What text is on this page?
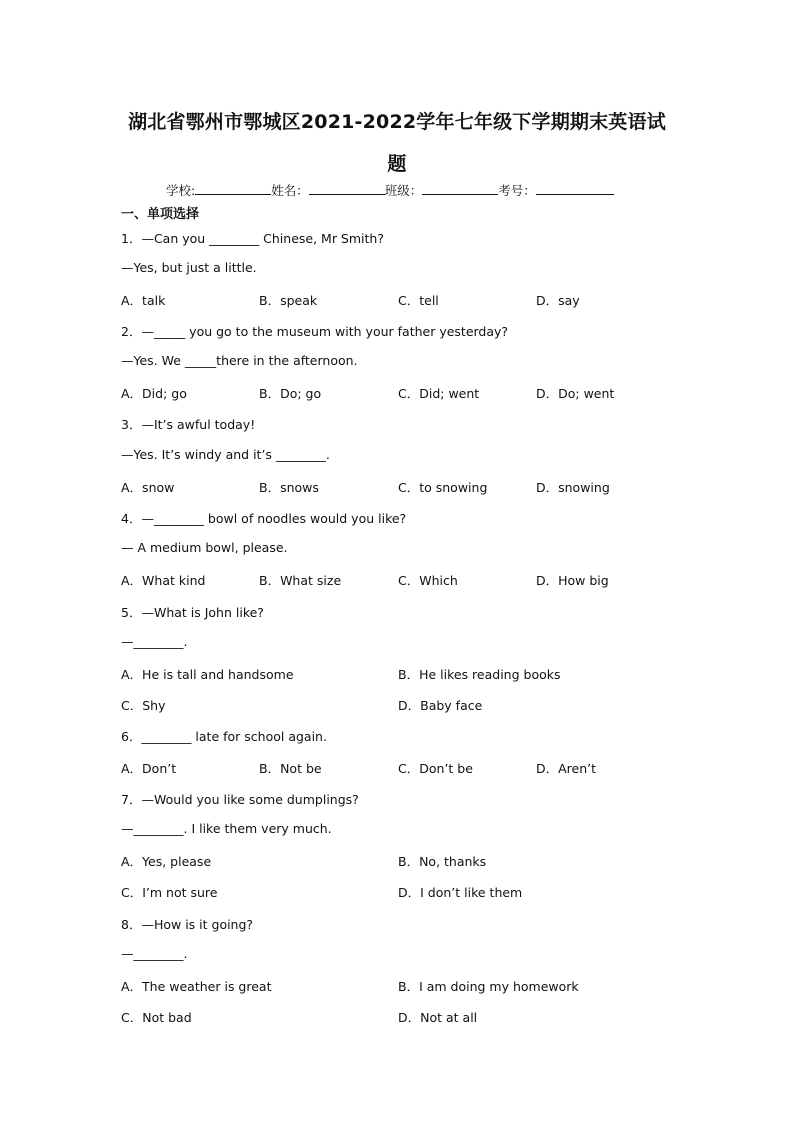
湖北省鄂州市鄂城区2021-2022学年七年级下学期期末英语试
题
学校:	姓名：	班级：	考号：
一、单项选择
1．—Can you ________ Chinese, Mr Smith?
—Yes, but just a little.
A．talk	B．speak	C．tell	D．say
2．—_____ you go to the museum with your father yesterday?
—Yes. We _____there in the afternoon.
A．Did; go	B．Do; go	C．Did; went	D．Do; went
3．—It’s awful today!
—Yes. It’s windy and it’s ________.
A．snow	B．snows	C．to snowing	D．snowing
4．—________ bowl of noodles would you like?
— A medium bowl, please.
A．What kind	B．What size	C．Which	D．How big
5．—What is John like?
—________.
A．He is tall and handsome	B．He likes reading books
C．Shy	D．Baby face
6．________ late for school again.
A．Don’t	B．Not be	C．Don’t be	D．Aren’t
7．—Would you like some dumplings?
—________. I like them very much.
A．Yes, please	B．No, thanks
C．I’m not sure	D．I don’t like them
8．—How is it going?
—________.
A．The weather is great	B．I am doing my homework
C．Not bad	D．Not at all
